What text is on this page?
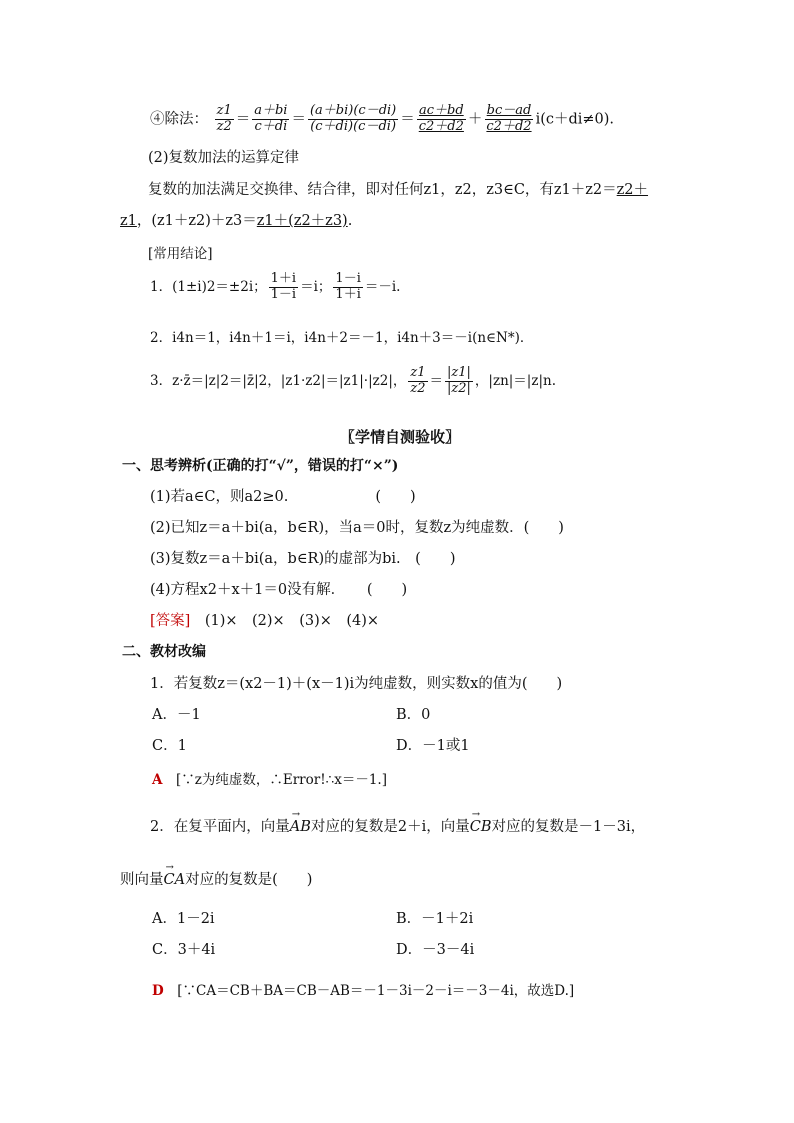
④除法： $\frac{z1}{z2} = \frac{a+bi}{c+di} = \frac{(a+bi)(c-di)}{(c+di)(c-di)} = \frac{ac+bd}{c2+d2} + \frac{bc-ad}{c2+d2} i(c+di\ne 0)$.
(2)复数加法的运算定律
复数的加法满足交换律、结合律，即对任何z1，z2，z3∈C，有z1＋z2＝z2＋
z1，(z1＋z2)＋z3＝z1＋(z2＋z3).
[常用结论]
1．(1±i)2＝±2i； $\frac{1+i}{1-i} =i$； $\frac{1-i}{1+i} =-i$.
2．i4n＝1，i4n＋1＝i，i4n＋2＝－1，i4n＋3＝－i(n∈N*)．
3．z·z̄＝|z|2＝|z̄|2，|z1·z2|＝|z1|·|z2|， $\frac{z1}{z2} = \frac{|z1|}{|z2|}$ ，|zn|＝|z|n.
〖学情自测验收〗
一、思考辨析(正确的打“√”，错误的打“×”)
(1)若a∈C，则a2≥0.　　　　　　(　　)
(2)已知z＝a＋bi(a，b∈R)，当a＝0时，复数z为纯虚数．(　　)
(3)复数z＝a＋bi(a，b∈R)的虚部为bi.　(　　)
(4)方程x2＋x＋1＝0没有解．　　(　　)
[答案]　 (1)×　(2)×　(3)×　(4)×
二、教材改编
1．若复数z＝(x2－1)＋(x－1)i为纯虚数，则实数x的值为(　　)
A．－1	B．0
C．1	D．－1或1
A　 [∵z为纯虚数，∴Error!∴x＝－1.]
2．在复平面内，向量→ AB对应的复数是2＋i，向量→ CB对应的复数是－1－3i，
则向量→ CA对应的复数是(　　)
A．1－2i	B．－1＋2i
C．3＋4i	D．－3－4i
D　 [∵CA＝CB＋BA＝CB－AB＝－1－3i－2－i＝－3－4i，故选D.]
